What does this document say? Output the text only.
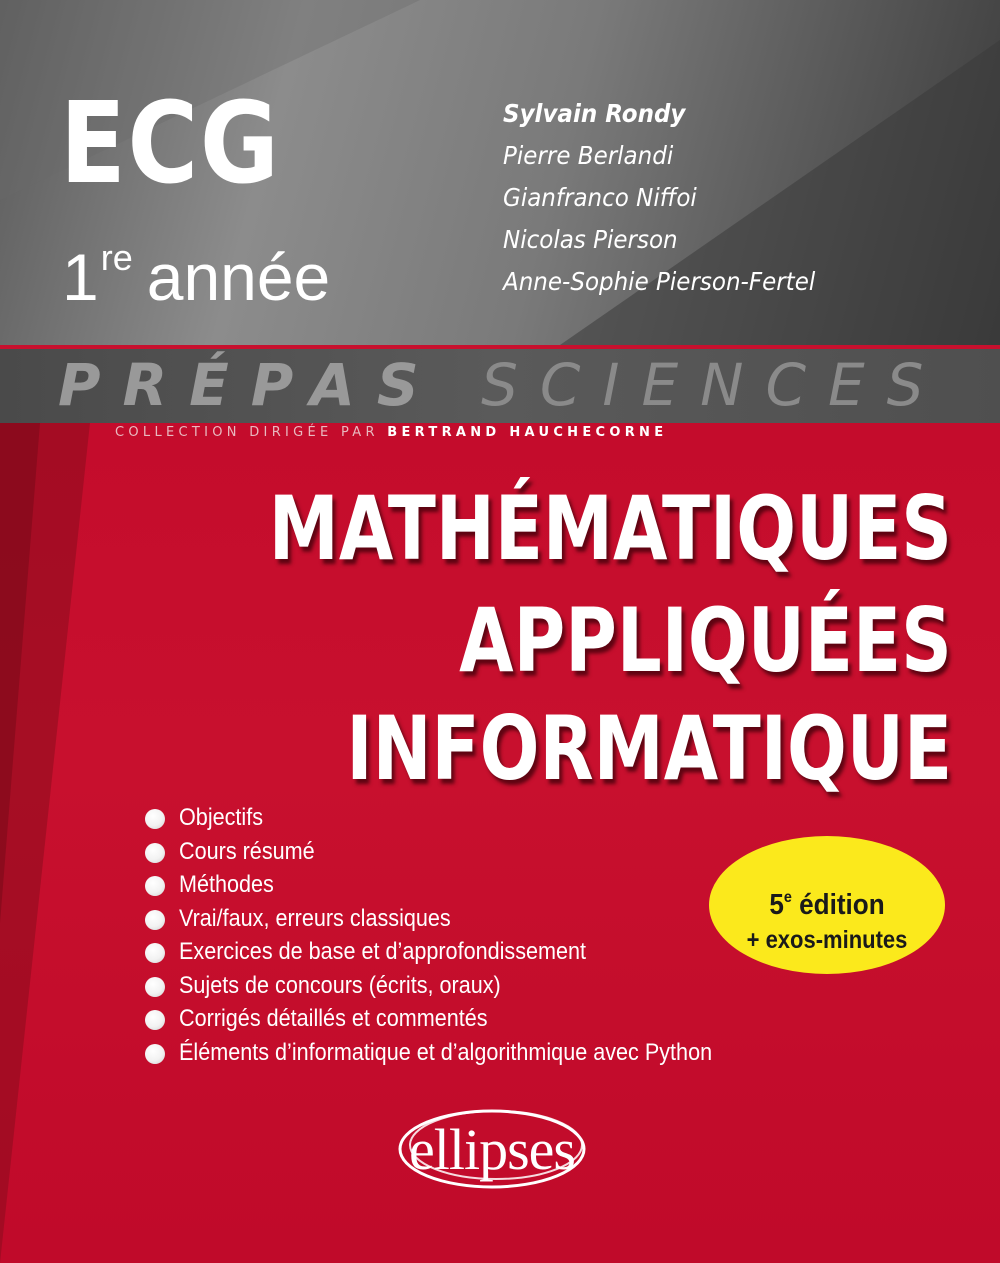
ECG
1re année
Sylvain Rondy
Pierre Berlandi
Gianfranco Niffoi
Nicolas Pierson
Anne-Sophie Pierson-Fertel
PRÉPAS SCIENCES
COLLECTION DIRIGÉE PAR BERTRAND HAUCHECORNE
MATHÉMATIQUES
APPLIQUÉES
INFORMATIQUE
Objectifs
Cours résumé
Méthodes
Vrai/faux, erreurs classiques
Exercices de base et d’approfondissement
Sujets de concours (écrits, oraux)
Corrigés détaillés et commentés
Éléments d’informatique et d’algorithmique avec Python
5e édition
+ exos-minutes
ellipses
